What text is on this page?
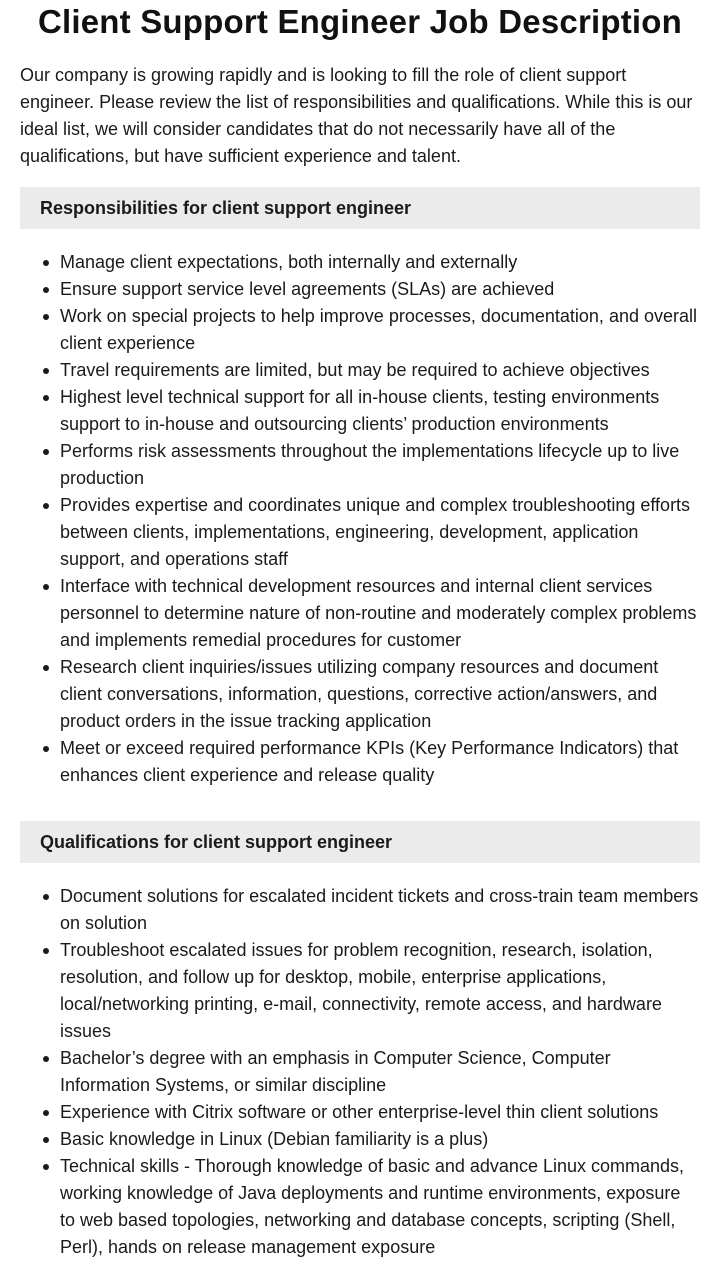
Client Support Engineer Job Description

Our company is growing rapidly and is looking to fill the role of client support engineer. Please review the list of responsibilities and qualifications. While this is our ideal list, we will consider candidates that do not necessarily have all of the qualifications, but have sufficient experience and talent.

Responsibilities for client support engineer
Manage client expectations, both internally and externally
Ensure support service level agreements (SLAs) are achieved
Work on special projects to help improve processes, documentation, and overall client experience
Travel requirements are limited, but may be required to achieve objectives
Highest level technical support for all in-house clients, testing environments support to in-house and outsourcing clients’ production environments
Performs risk assessments throughout the implementations lifecycle up to live production
Provides expertise and coordinates unique and complex troubleshooting efforts between clients, implementations, engineering, development, application support, and operations staff
Interface with technical development resources and internal client services personnel to determine nature of non-routine and moderately complex problems and implements remedial procedures for customer
Research client inquiries/issues utilizing company resources and document client conversations, information, questions, corrective action/answers, and product orders in the issue tracking application
Meet or exceed required performance KPIs (Key Performance Indicators) that enhances client experience and release quality
Qualifications for client support engineer
Document solutions for escalated incident tickets and cross-train team members on solution
Troubleshoot escalated issues for problem recognition, research, isolation, resolution, and follow up for desktop, mobile, enterprise applications, local/networking printing, e-mail, connectivity, remote access, and hardware issues
Bachelor’s degree with an emphasis in Computer Science, Computer Information Systems, or similar discipline
Experience with Citrix software or other enterprise-level thin client solutions
Basic knowledge in Linux (Debian familiarity is a plus)
Technical skills - Thorough knowledge of basic and advance Linux commands, working knowledge of Java deployments and runtime environments, exposure to web based topologies, networking and database concepts, scripting (Shell, Perl), hands on release management exposure
